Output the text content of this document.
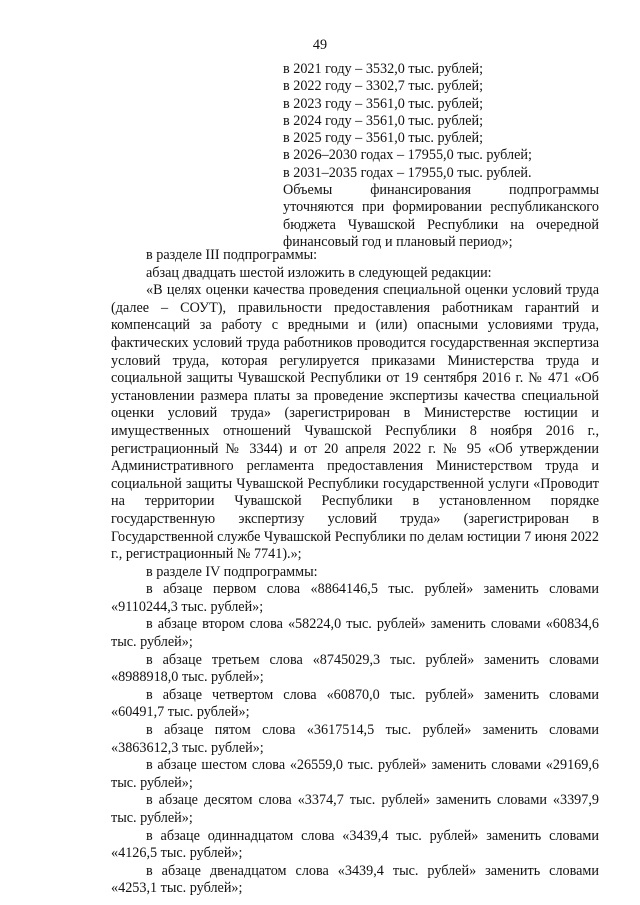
49
в 2021 году – 3532,0 тыс. рублей;
в 2022 году – 3302,7 тыс. рублей;
в 2023 году – 3561,0 тыс. рублей;
в 2024 году – 3561,0 тыс. рублей;
в 2025 году – 3561,0 тыс. рублей;
в 2026–2030 годах – 17955,0 тыс. рублей;
в 2031–2035 годах – 17955,0 тыс. рублей.
Объемы финансирования подпрограммы уточняются при формировании республиканского бюджета Чувашской Республики на очередной финансовый год и плановый период»;

в разделе III подпрограммы:

абзац двадцать шестой изложить в следующей редакции:

«В целях оценки качества проведения специальной оценки условий труда (далее – СОУТ), правильности предоставления работникам гарантий и компенсаций за работу с вредными и (или) опасными условиями труда, фактических условий труда работников проводится государственная экспертиза условий труда, которая регулируется приказами Министерства труда и социальной защиты Чувашской Республики от 19 сентября 2016 г. № 471 «Об установлении размера платы за проведение экспертизы качества специальной оценки условий труда» (зарегистрирован в Министерстве юстиции и имущественных отношений Чувашской Республики 8 ноября 2016 г., регистрационный № 3344) и от 20 апреля 2022 г. № 95 «Об утверждении Административного регламента предоставления Министерством труда и социальной защиты Чувашской Республики государственной услуги «Проводит на территории Чувашской Республики в установленном порядке государственную экспертизу условий труда» (зарегистрирован в Государственной службе Чувашской Республики по делам юстиции 7 июня 2022 г., регистрационный № 7741).»;

в разделе IV подпрограммы:

в абзаце первом слова «8864146,5 тыс. рублей» заменить словами «9110244,3 тыс. рублей»;

в абзаце втором слова «58224,0 тыс. рублей» заменить словами «60834,6 тыс. рублей»;

в абзаце третьем слова «8745029,3 тыс. рублей» заменить словами «8988918,0 тыс. рублей»;

в абзаце четвертом слова «60870,0 тыс. рублей» заменить словами «60491,7 тыс. рублей»;

в абзаце пятом слова «3617514,5 тыс. рублей» заменить словами «3863612,3 тыс. рублей»;

в абзаце шестом слова «26559,0 тыс. рублей» заменить словами «29169,6 тыс. рублей»;

в абзаце десятом слова «3374,7 тыс. рублей» заменить словами «3397,9 тыс. рублей»;

в абзаце одиннадцатом слова «3439,4 тыс. рублей» заменить словами «4126,5 тыс. рублей»;

в абзаце двенадцатом слова «3439,4 тыс. рублей» заменить словами «4253,1 тыс. рублей»;
